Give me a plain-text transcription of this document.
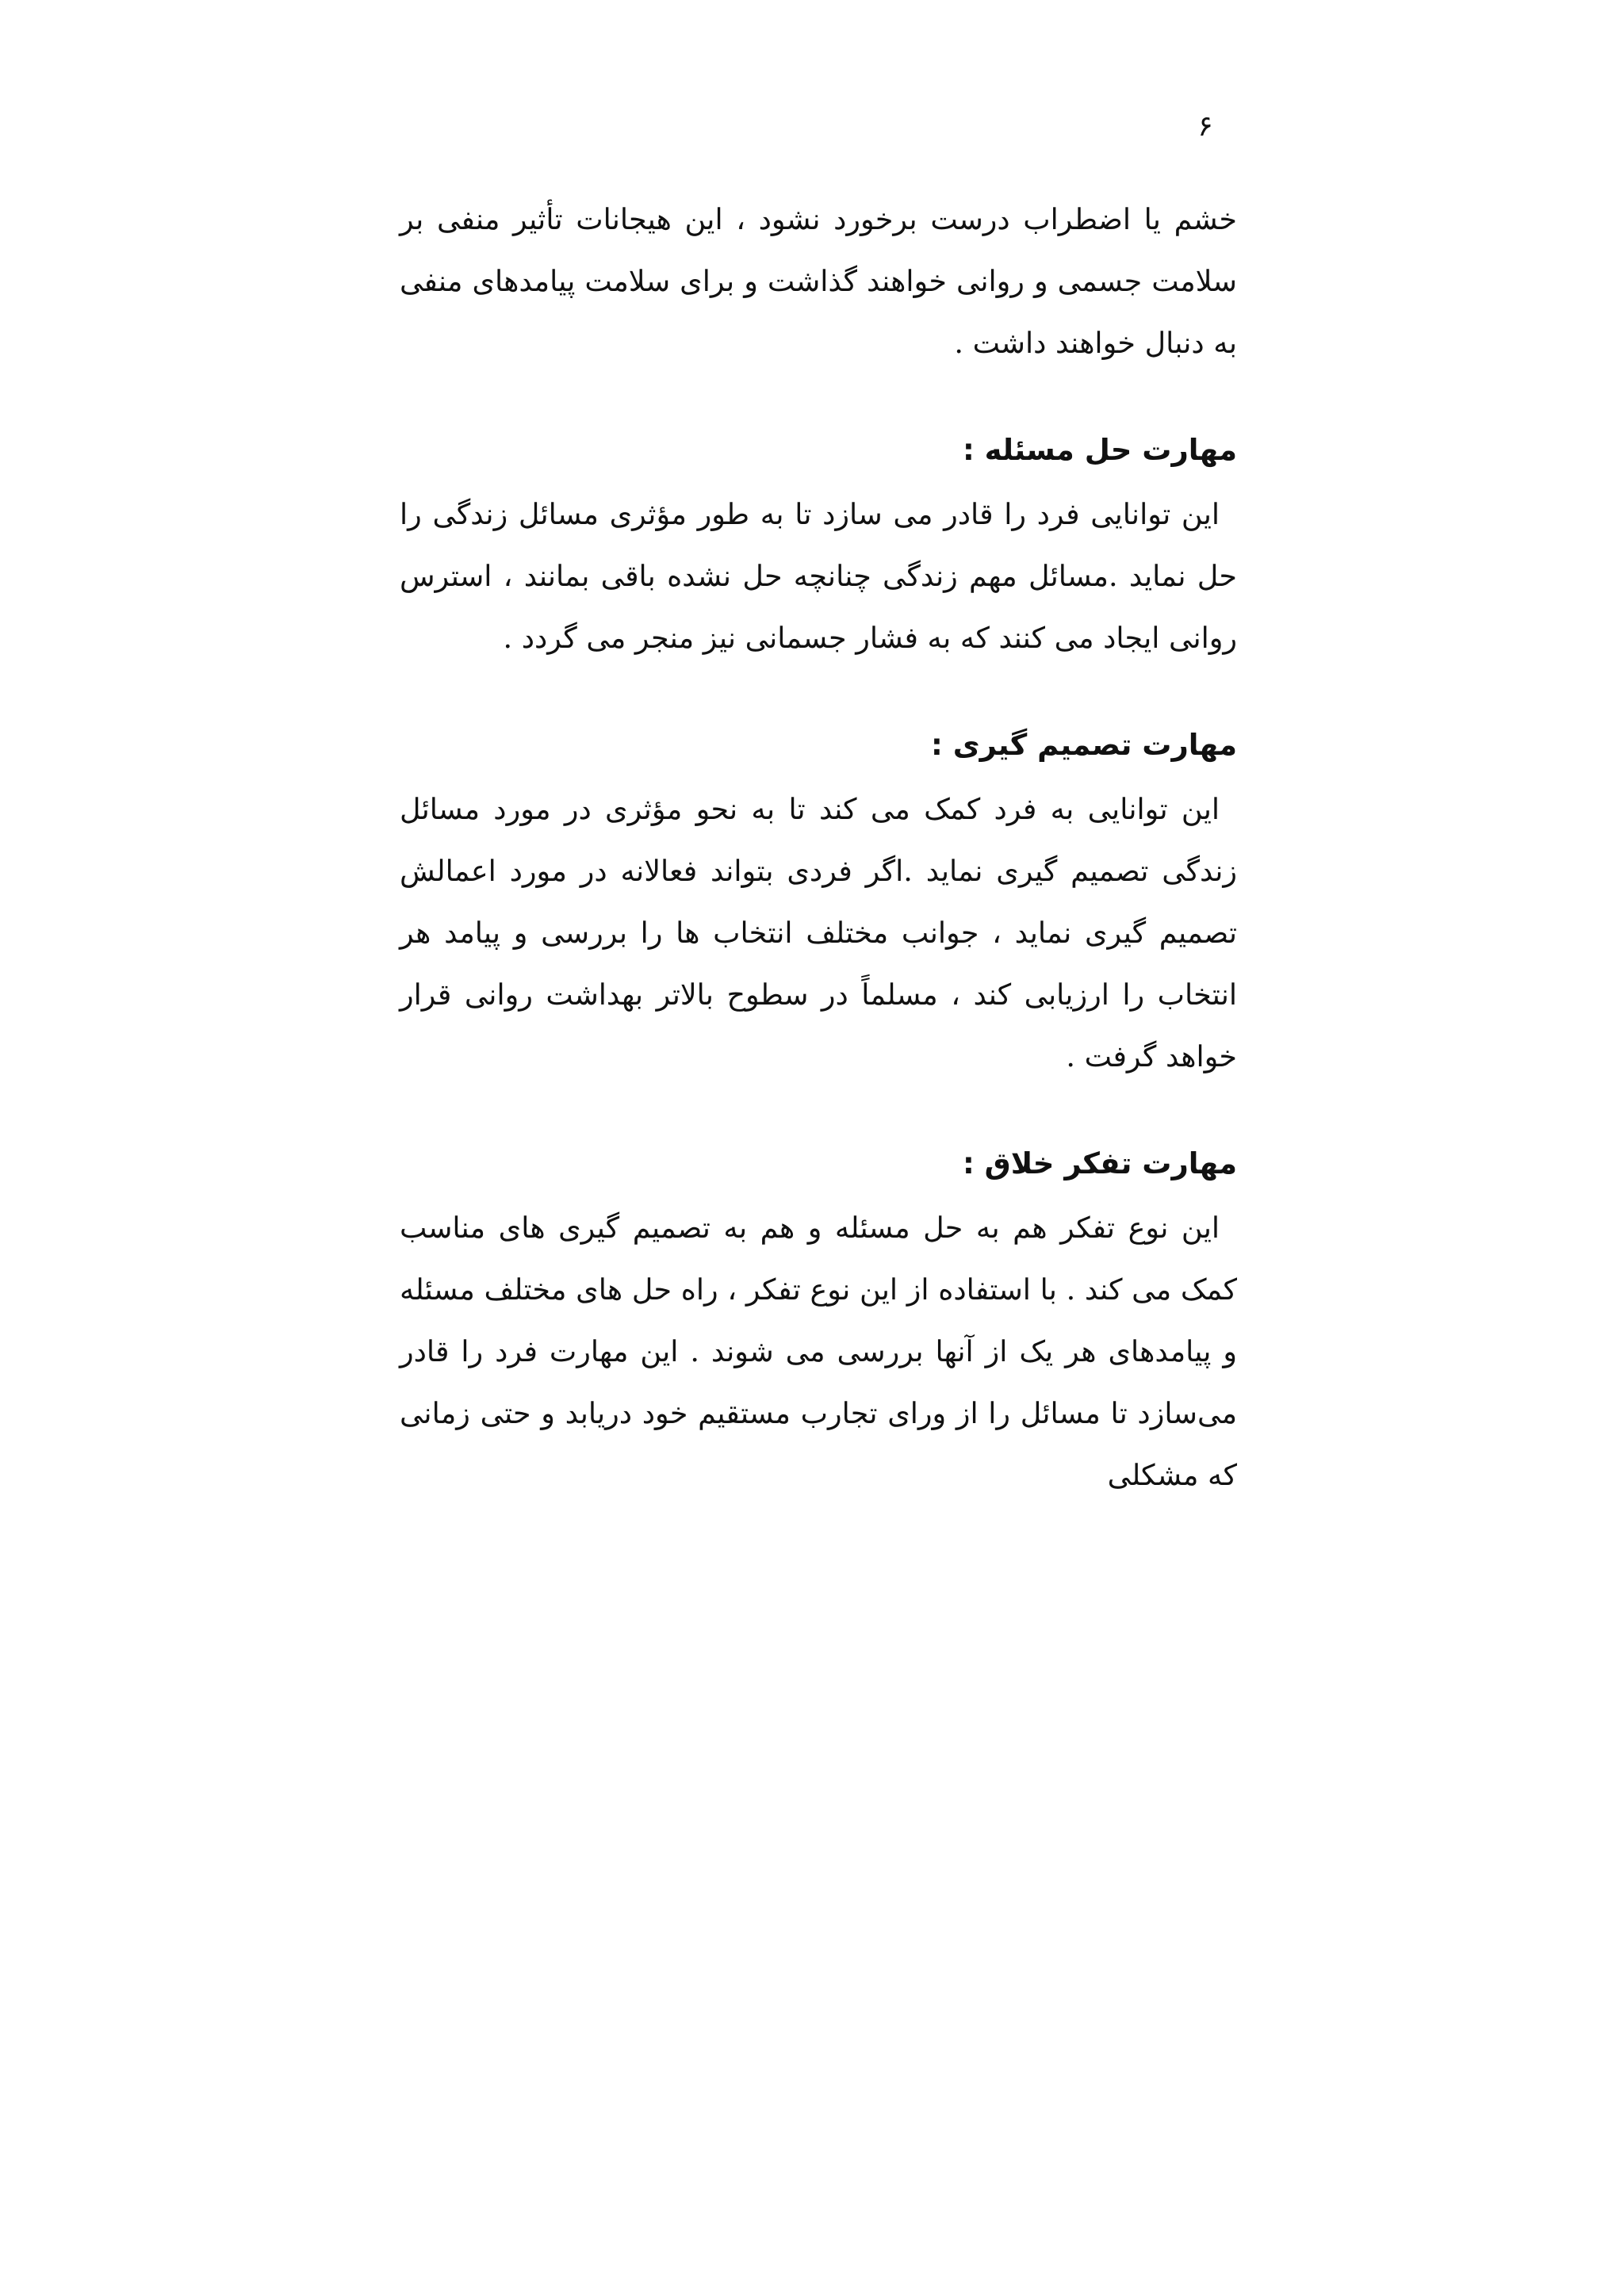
۶

خشم یا اضطراب درست برخورد نشود ، این هیجانات تأثیر منفی بر سلامت جسمی و روانی خواهند گذاشت و برای سلامت پیامدهای منفی به دنبال خواهند داشت .

مهارت حل مسئله :

این توانایی فرد را قادر می سازد تا به طور مؤثری مسائل زندگی را حل نماید .مسائل مهم زندگی چنانچه حل نشده باقی بمانند ، استرس روانی ایجاد می کنند که به فشار جسمانی نیز منجر می گردد .

مهارت تصمیم گیری :

این توانایی به فرد کمک می کند تا به نحو مؤثری در مورد مسائل زندگی تصمیم گیری نماید .اگر فردی بتواند فعالانه در مورد اعمالش تصمیم گیری نماید ، جوانب مختلف انتخاب ها را بررسی و پیامد هر انتخاب را ارزیابی کند ، مسلماً در سطوح بالاتر بهداشت روانی قرار خواهد گرفت .

مهارت تفکر خلاق :

این نوع تفکر هم به حل مسئله و هم به تصمیم گیری های مناسب کمک می کند . با استفاده از این نوع تفکر ، راه حل های مختلف مسئله و پیامدهای هر یک از آنها بررسی می شوند . این مهارت فرد را قادر می‌سازد تا مسائل را از ورای تجارب مستقیم خود دریابد و حتی زمانی که مشکلی
